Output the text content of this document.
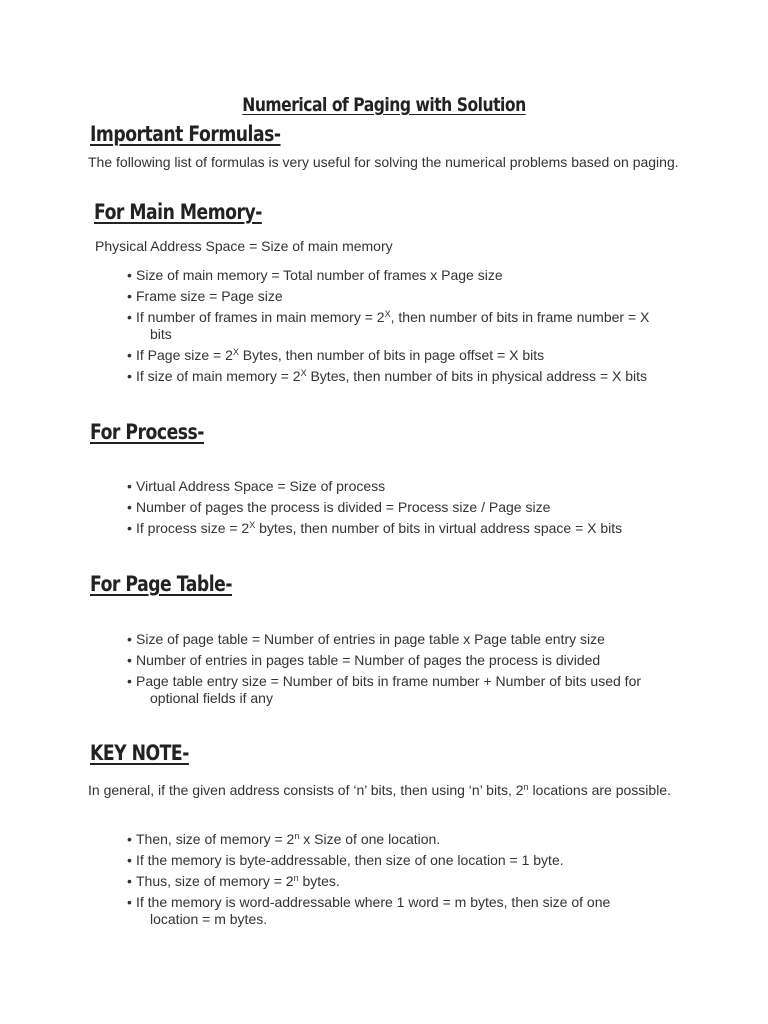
Numerical of Paging with Solution
Important Formulas-

The following list of formulas is very useful for solving the numerical problems based on paging.

For Main Memory-

Physical Address Space = Size of main memory

• Size of main memory = Total number of frames x Page size
• Frame size = Page size
• If number of frames in main memory = $2^X$, then number of bits in frame number = X
bits
• If Page size = $2^X$ Bytes, then number of bits in page offset = X bits
• If size of main memory = $2^X$ Bytes, then number of bits in physical address = X bits
For Process-
• Virtual Address Space = Size of process
• Number of pages the process is divided = Process size / Page size
• If process size = $2^X$ bytes, then number of bits in virtual address space = X bits
For Page Table-
• Size of page table = Number of entries in page table x Page table entry size
• Number of entries in pages table = Number of pages the process is divided
• Page table entry size = Number of bits in frame number + Number of bits used for
optional fields if any
KEY NOTE-

In general, if the given address consists of ‘n’ bits, then using ‘n’ bits, 2$^n$ locations are possible.

• Then, size of memory = $2^n$ x Size of one location.
• If the memory is byte-addressable, then size of one location = 1 byte.
• Thus, size of memory = $2^n$ bytes.
• If the memory is word-addressable where 1 word = m bytes, then size of one
location = m bytes.
